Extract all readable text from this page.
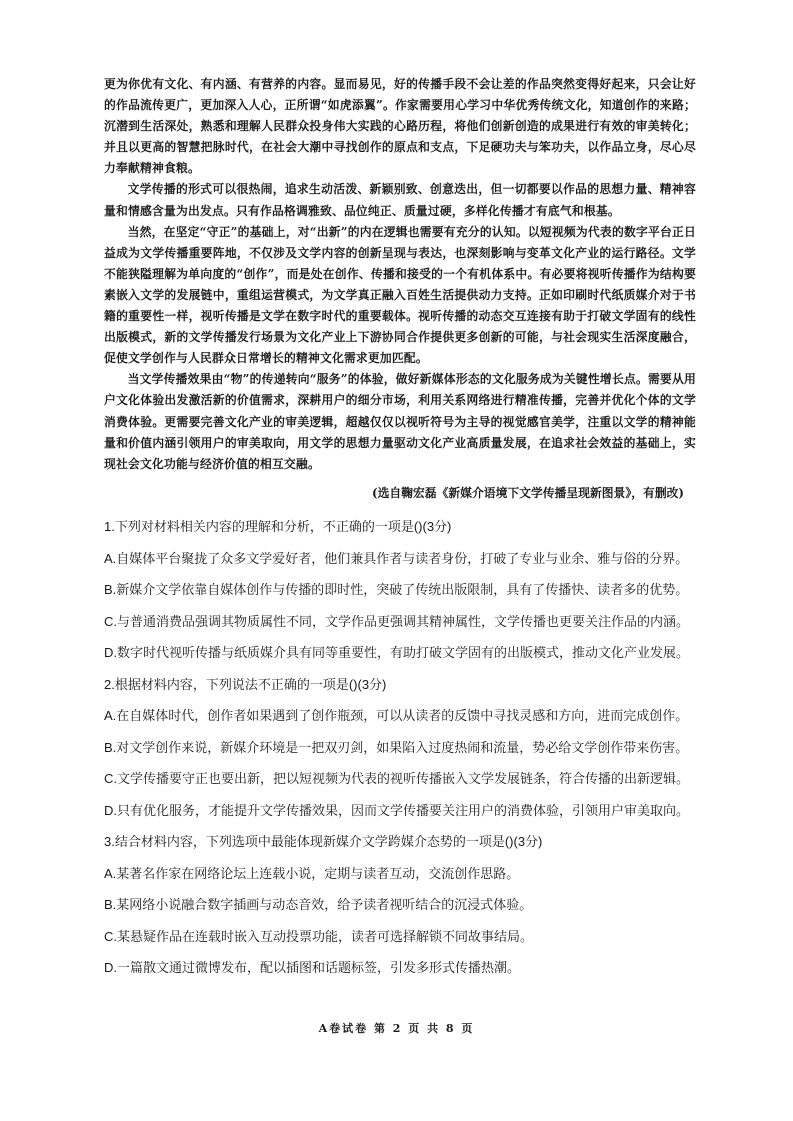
更为你优有文化、有内涵、有营养的内容。显而易见，好的传播手段不会让差的作品突然变得好起来，只会让好的作品流传更广，更加深入人心，正所谓“如虎添翼”。作家需要用心学习中华优秀传统文化，知道创作的来路；沉潜到生活深处，熟悉和理解人民群众投身伟大实践的心路历程，将他们创新创造的成果进行有效的审美转化；并且以更高的智慧把脉时代，在社会大潮中寻找创作的原点和支点，下足硬功夫与笨功夫，以作品立身，尽心尽力奉献精神食粮。

文学传播的形式可以很热闹，追求生动活泼、新颖别致、创意迭出，但一切都要以作品的思想力量、精神容量和情感含量为出发点。只有作品格调雅致、品位纯正、质量过硬，多样化传播才有底气和根基。

当然，在坚定“守正”的基础上，对“出新”的内在逻辑也需要有充分的认知。以短视频为代表的数字平台正日益成为文学传播重要阵地，不仅涉及文学内容的创新呈现与表达，也深刻影响与变革文化产业的运行路径。文学不能狭隘理解为单向度的“创作”，而是处在创作、传播和接受的一个有机体系中。有必要将视听传播作为结构要素嵌入文学的发展链中，重组运营模式，为文学真正融入百姓生活提供动力支持。正如印刷时代纸质媒介对于书籍的重要性一样，视听传播是文学在数字时代的重要载体。视听传播的动态交互连接有助于打破文学固有的线性出版模式，新的文学传播发行场景为文化产业上下游协同合作提供更多创新的可能，与社会现实生活深度融合，促使文学创作与人民群众日常增长的精神文化需求更加匹配。

当文学传播效果由“物”的传递转向“服务”的体验，做好新媒体形态的文化服务成为关键性增长点。需要从用户文化体验出发激活新的价值需求，深耕用户的细分市场，利用关系网络进行精准传播，完善并优化个体的文学消费体验。更需要完善文化产业的审美逻辑，超越仅仅以视听符号为主导的视觉感官美学，注重以文学的精神能量和价值内涵引领用户的审美取向，用文学的思想力量驱动文化产业高质量发展，在追求社会效益的基础上，实现社会文化功能与经济价值的相互交融。

(选自鞠宏磊《新媒介语境下文学传播呈现新图景》，有删改)
1.下列对材料相关内容的理解和分析，不正确的一项是()(3分)
A.自媒体平台聚拢了众多文学爱好者，他们兼具作者与读者身份，打破了专业与业余、雅与俗的分界。
B.新媒介文学依靠自媒体创作与传播的即时性，突破了传统出版限制，具有了传播快、读者多的优势。
C.与普通消费品强调其物质属性不同，文学作品更强调其精神属性，文学传播也更要关注作品的内涵。
D.数字时代视听传播与纸质媒介具有同等重要性，有助打破文学固有的出版模式，推动文化产业发展。
2.根据材料内容，下列说法不正确的一项是()(3分)
A.在自媒体时代，创作者如果遇到了创作瓶颈，可以从读者的反馈中寻找灵感和方向，进而完成创作。
B.对文学创作来说，新媒介环境是一把双刃剑，如果陷入过度热闹和流量，势必给文学创作带来伤害。
C.文学传播要守正也要出新，把以短视频为代表的视听传播嵌入文学发展链条，符合传播的出新逻辑。
D.只有优化服务，才能提升文学传播效果，因而文学传播要关注用户的消费体验，引领用户审美取向。
3.结合材料内容，下列选项中最能体现新媒介文学跨媒介态势的一项是()(3分)
A.某著名作家在网络论坛上连载小说，定期与读者互动，交流创作思路。
B.某网络小说融合数字插画与动态音效，给予读者视听结合的沉浸式体验。
C.某悬疑作品在连载时嵌入互动投票功能，读者可选择解锁不同故事结局。
D.一篇散文通过微博发布，配以插图和话题标签，引发多形式传播热潮。
A卷试卷 第 2 页 共 8 页
